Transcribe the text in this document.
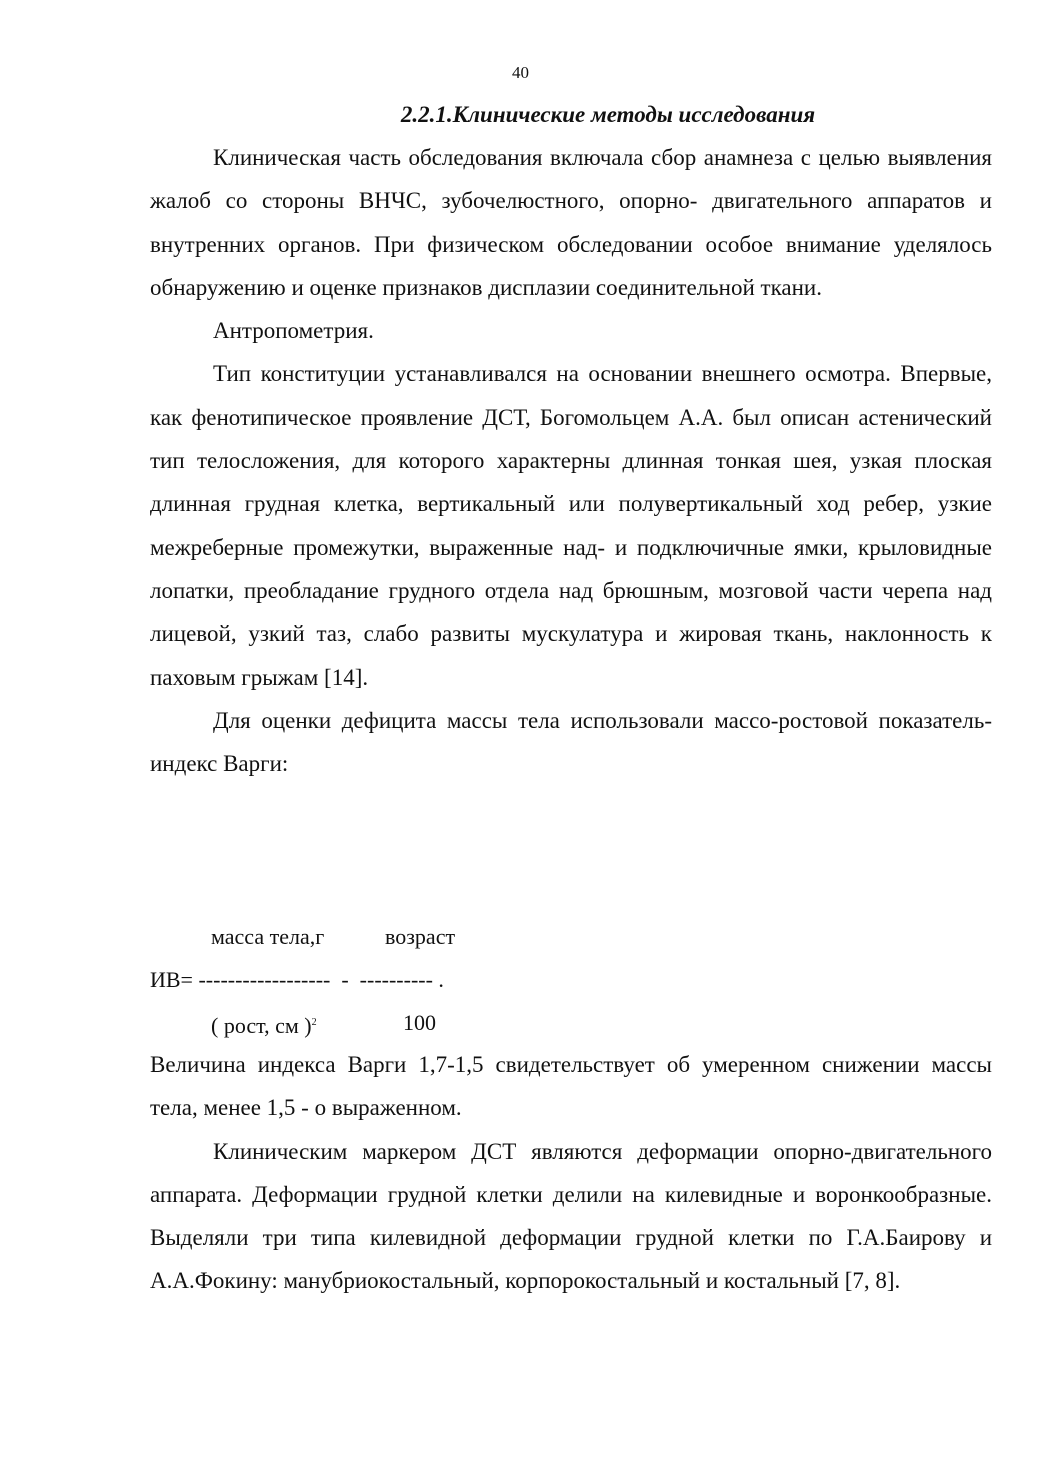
40
2.2.1.Клинические методы исследования

Клиническая часть обследования включала сбор анамнеза с целью выявления жалоб со стороны ВНЧС, зубочелюстного, опорно- двигательного аппаратов и внутренних органов. При физическом обследовании особое внимание уделялось обнаружению и оценке признаков дисплазии соединительной ткани.

Антропометрия.

Тип конституции устанавливался на основании внешнего осмотра. Впервые, как фенотипическое проявление ДСТ, Богомольцем А.А. был описан астенический тип телосложения, для которого характерны длинная тонкая шея, узкая плоская длинная грудная клетка, вертикальный или полувертикальный ход ребер, узкие межреберные промежутки, выраженные над- и подключичные ямки, крыловидные лопатки, преобладание грудного отдела над брюшным, мозговой части черепа над лицевой, узкий таз, слабо развиты мускулатура и жировая ткань, наклонность к паховым грыжам [14].

Для оценки дефицита массы тела использовали массо-ростовой показатель- индекс Варги:

масса тела,г	возраст
ИВ= ------------------  -  ---------- .
( рост, см )$^2$	100

Величина индекса Варги 1,7-1,5 свидетельствует об умеренном снижении массы тела, менее 1,5 - о выраженном.

Клиническим маркером ДСТ являются деформации опорно-двигательного аппарата. Деформации грудной клетки делили на килевидные и воронкообразные. Выделяли три типа килевидной деформации грудной клетки по Г.А.Баирову и А.А.Фокину: манубриокостальный, корпорокостальный и костальный [7, 8].
